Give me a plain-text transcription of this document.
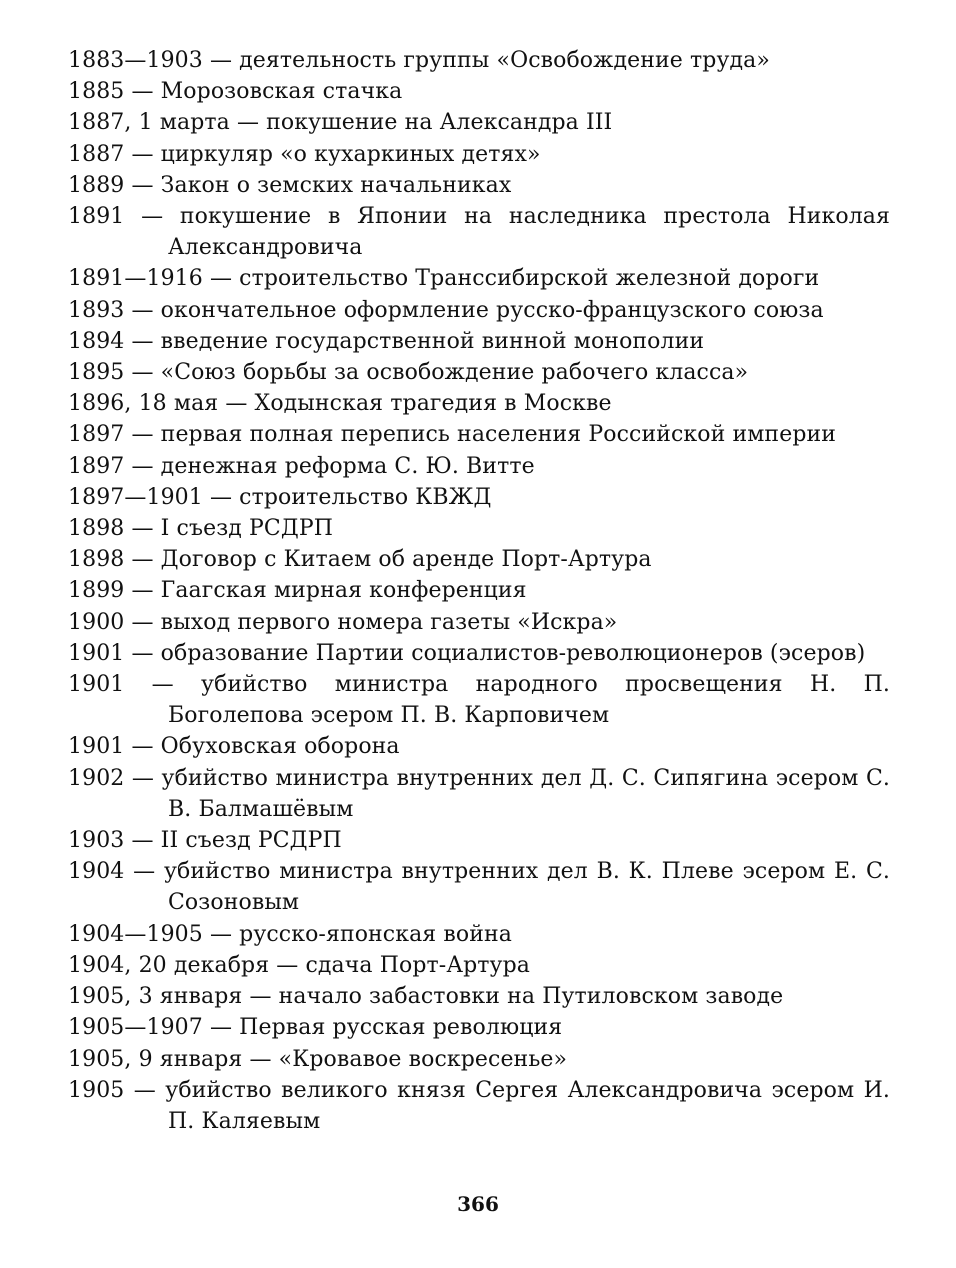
1883—1903 — деятельность группы «Освобождение труда»
1885 — Морозовская стачка
1887, 1 марта — покушение на Александра III
1887 — циркуляр «о кухаркиных детях»
1889 — Закон о земских начальниках
1891 — покушение в Японии на наследника престола Николая Александровича
1891—1916 — строительство Транссибирской железной дороги
1893 — окончательное оформление русско-французского союза
1894 — введение государственной винной монополии
1895 — «Союз борьбы за освобождение рабочего класса»
1896, 18 мая — Ходынская трагедия в Москве
1897 — первая полная перепись населения Российской империи
1897 — денежная реформа С. Ю. Витте
1897—1901 — строительство КВЖД
1898 — I съезд РСДРП
1898 — Договор с Китаем об аренде Порт-Артура
1899 — Гаагская мирная конференция
1900 — выход первого номера газеты «Искра»
1901 — образование Партии социалистов-революционеров (эсеров)
1901 — убийство министра народного просвещения Н. П. Боголепова эсером П. В. Карповичем
1901 — Обуховская оборона
1902 — убийство министра внутренних дел Д. С. Сипягина эсером С. В. Балмашёвым
1903 — II съезд РСДРП
1904 — убийство министра внутренних дел В. К. Плеве эсером Е. С. Созоновым
1904—1905 — русско-японская война
1904, 20 декабря — сдача Порт-Артура
1905, 3 января — начало забастовки на Путиловском заводе
1905—1907 — Первая русская революция
1905, 9 января — «Кровавое воскресенье»
1905 — убийство великого князя Сергея Александровича эсером И. П. Каляевым
366
